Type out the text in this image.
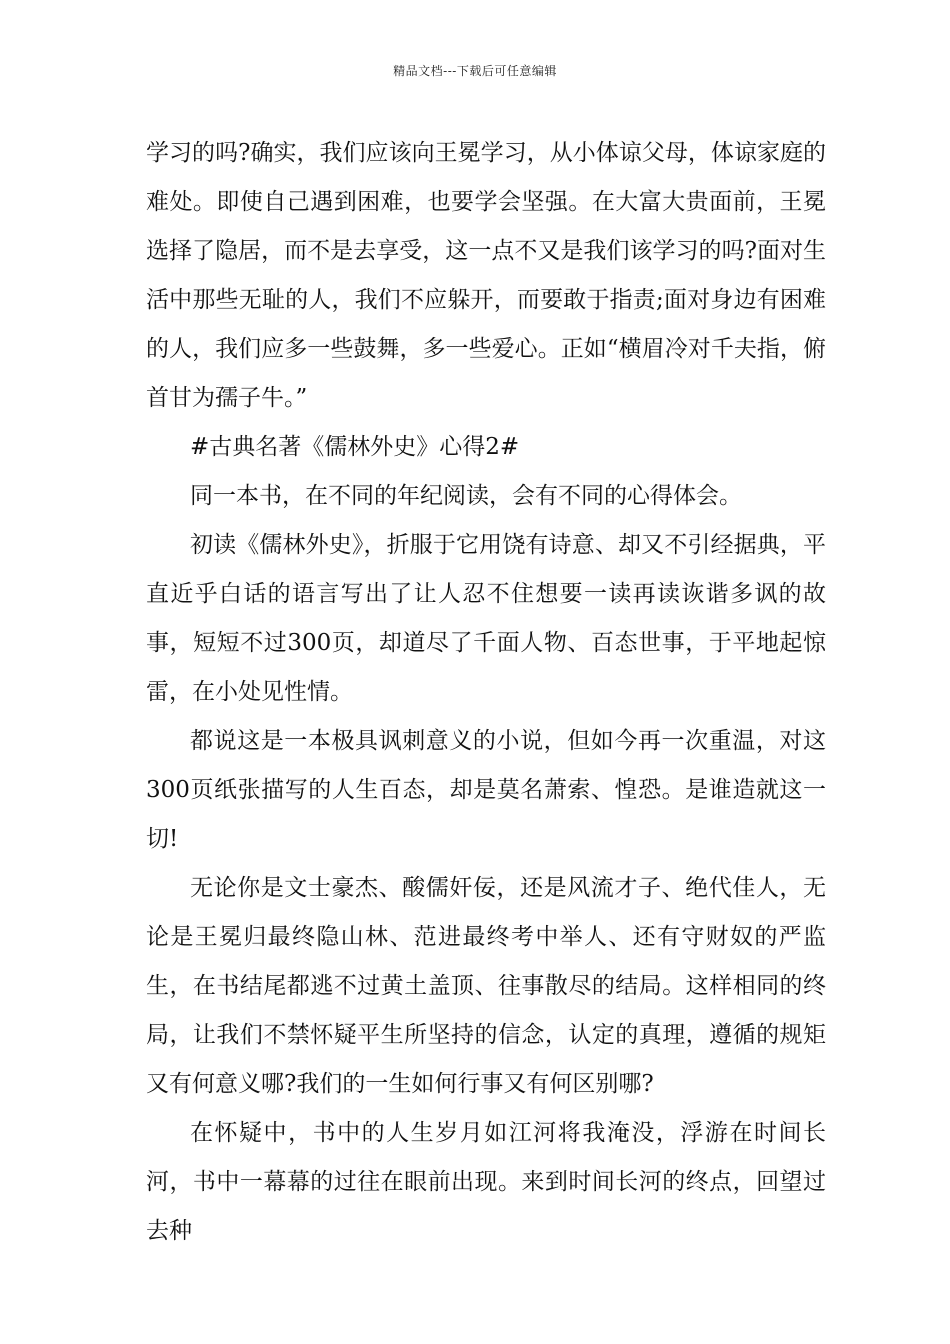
精品文档---下载后可任意编辑

学习的吗?确实，我们应该向王冕学习，从小体谅父母，体谅家庭的难处。即使自己遇到困难，也要学会坚强。在大富大贵面前，王冕选择了隐居，而不是去享受，这一点不又是我们该学习的吗?面对生活中那些无耻的人，我们不应躲开，而要敢于指责;面对身边有困难的人，我们应多一些鼓舞，多一些爱心。正如“横眉冷对千夫指，俯首甘为孺子牛。”

#古典名著《儒林外史》心得2#

同一本书，在不同的年纪阅读，会有不同的心得体会。

初读《儒林外史》，折服于它用饶有诗意、却又不引经据典，平直近乎白话的语言写出了让人忍不住想要一读再读诙谐多讽的故事，短短不过300页，却道尽了千面人物、百态世事，于平地起惊雷，在小处见性情。

都说这是一本极具讽刺意义的小说，但如今再一次重温，对这300页纸张描写的人生百态，却是莫名萧索、惶恐。是谁造就这一切!

无论你是文士豪杰、酸儒奸佞，还是风流才子、绝代佳人，无论是王冕归最终隐山林、范进最终考中举人、还有守财奴的严监生，在书结尾都逃不过黄土盖顶、往事散尽的结局。这样相同的终局，让我们不禁怀疑平生所坚持的信念，认定的真理，遵循的规矩又有何意义哪?我们的一生如何行事又有何区别哪?

在怀疑中，书中的人生岁月如江河将我淹没，浮游在时间长河，书中一幕幕的过往在眼前出现。来到时间长河的终点，回望过去种
